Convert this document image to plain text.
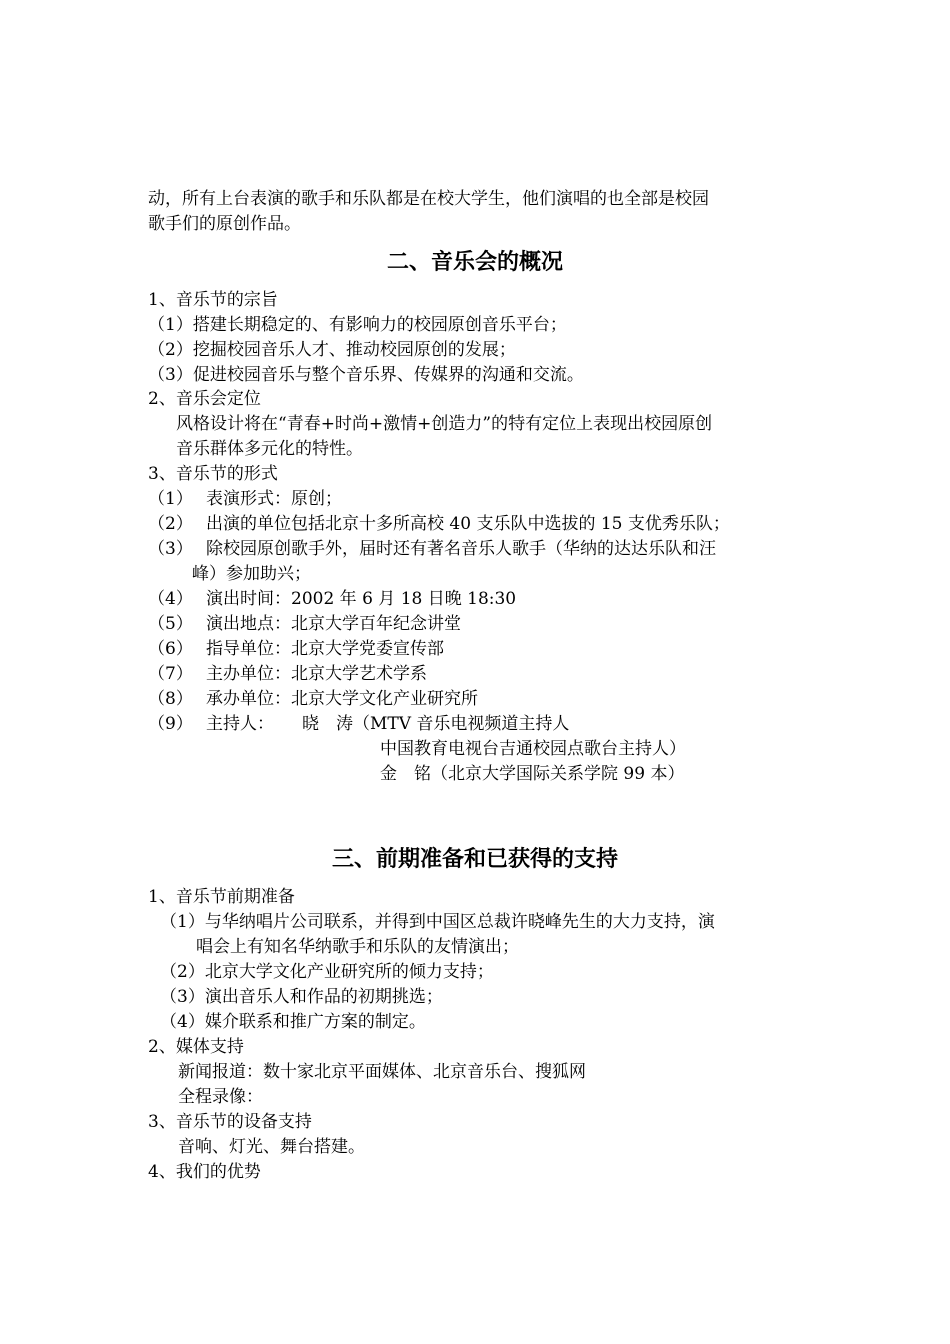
动，所有上台表演的歌手和乐队都是在校大学生，他们演唱的也全部是校园
歌手们的原创作品。
二、音乐会的概况
1、音乐节的宗旨
（1）搭建长期稳定的、有影响力的校园原创音乐平台；
（2）挖掘校园音乐人才、推动校园原创的发展；
（3）促进校园音乐与整个音乐界、传媒界的沟通和交流。
2、音乐会定位
风格设计将在“青春+时尚+激情+创造力”的特有定位上表现出校园原创
音乐群体多元化的特性。
3、音乐节的形式
（1） 表演形式：原创；
（2） 出演的单位包括北京十多所高校 40 支乐队中选拔的 15 支优秀乐队；
（3） 除校园原创歌手外，届时还有著名音乐人歌手（华纳的达达乐队和汪
峰）参加助兴；
（4） 演出时间：2002 年 6 月 18 日晚 18:30
（5） 演出地点：北京大学百年纪念讲堂
（6） 指导单位：北京大学党委宣传部
（7） 主办单位：北京大学艺术学系
（8） 承办单位：北京大学文化产业研究所
（9） 主持人： 晓　涛（MTV 音乐电视频道主持人
中国教育电视台吉通校园点歌台主持人）
金　铭（北京大学国际关系学院 99 本）
三、前期准备和已获得的支持
1、音乐节前期准备
（1）与华纳唱片公司联系，并得到中国区总裁许晓峰先生的大力支持，演
唱会上有知名华纳歌手和乐队的友情演出；
（2）北京大学文化产业研究所的倾力支持；
（3）演出音乐人和作品的初期挑选；
（4）媒介联系和推广方案的制定。
2、媒体支持
新闻报道：数十家北京平面媒体、北京音乐台、搜狐网
全程录像：
3、音乐节的设备支持
音响、灯光、舞台搭建。
4、我们的优势
